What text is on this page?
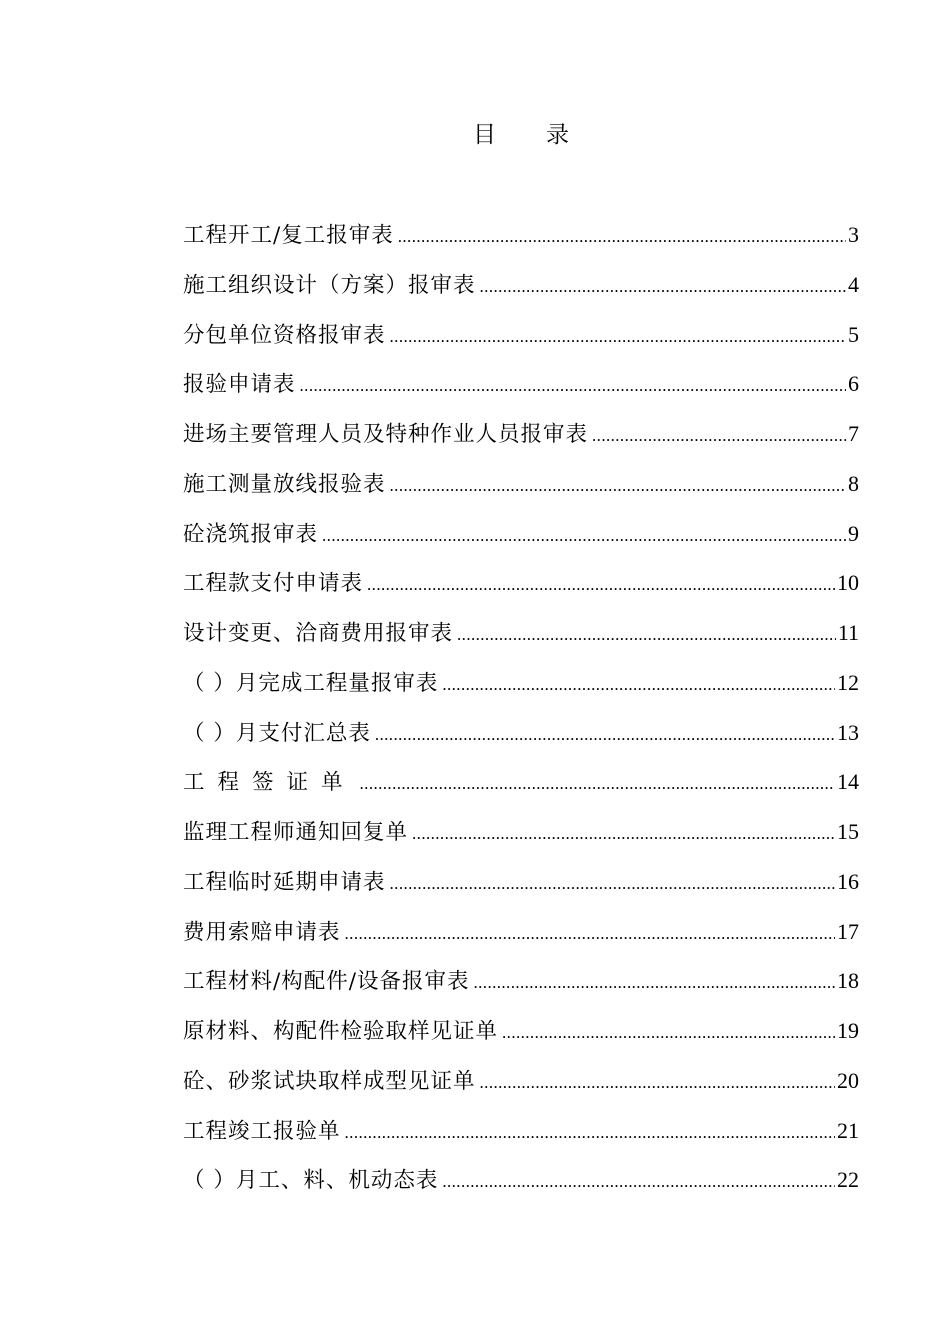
目 录
工程开工/复工报审表 .....	3
施工组织设计（方案）报审表 .....	4
分包单位资格报审表 .....	5
报验申请表 .....	6
进场主要管理人员及特种作业人员报审表 .....	7
施工测量放线报验表 .....	8
砼浇筑报审表 .....	9
工程款支付申请表 .....	10
设计变更、洽商费用报审表 .....	11
（ ）月完成工程量报审表 .....	12
（ ）月支付汇总表 .....	13
工程签证单 .....	14
监理工程师通知回复单 .....	15
工程临时延期申请表 .....	16
费用索赔申请表 .....	17
工程材料/构配件/设备报审表 .....	18
原材料、构配件检验取样见证单 .....	19
砼、砂浆试块取样成型见证单 .....	20
工程竣工报验单 .....	21
（ ）月工、料、机动态表 .....	22
